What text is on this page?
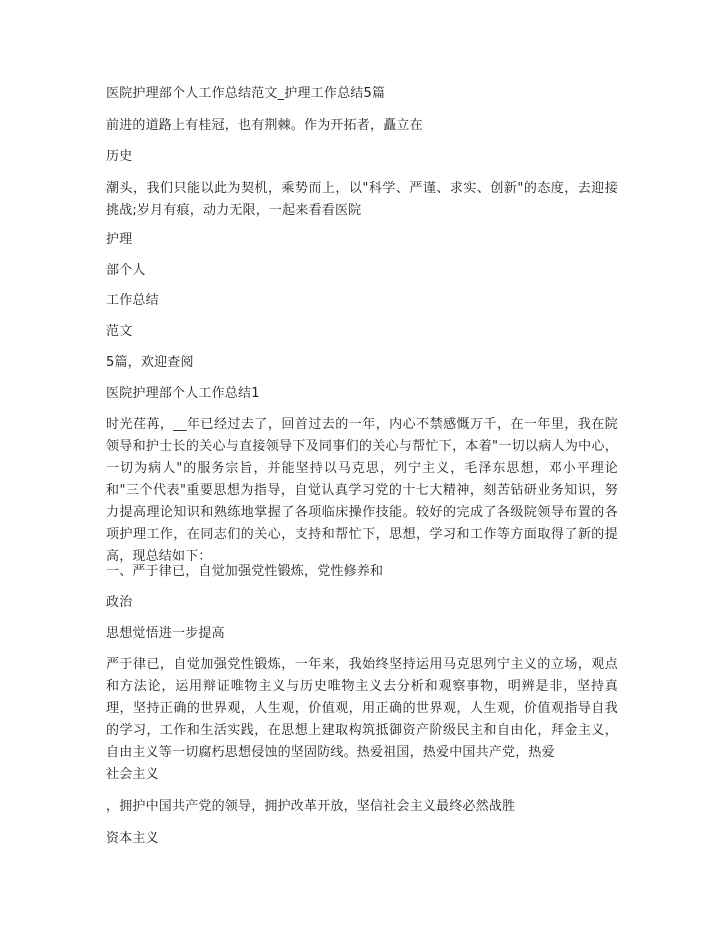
医院护理部个人工作总结范文_护理工作总结5篇
前进的道路上有桂冠，也有荆棘。作为开拓者，矗立在
历史
潮头，我们只能以此为契机，乘势而上，以"科学、严谨、求实、创新"的态度，去迎接挑战;岁月有痕，动力无限，一起来看看医院
护理
部个人
工作总结
范文
5篇，欢迎查阅
医院护理部个人工作总结1
时光荏苒，__年已经过去了，回首过去的一年，内心不禁感慨万千，在一年里，我在院领导和护士长的关心与直接领导下及同事们的关心与帮忙下，本着"一切以病人为中心，一切为病人"的服务宗旨，并能坚持以马克思，列宁主义，毛泽东思想，邓小平理论和"三个代表"重要思想为指导，自觉认真学习党的十七大精神，刻苦钻研业务知识，努力提高理论知识和熟练地掌握了各项临床操作技能。较好的完成了各级院领导布置的各项护理工作，在同志们的关心，支持和帮忙下，思想，学习和工作等方面取得了新的提高，现总结如下：
一、严于律已，自觉加强党性锻炼，党性修养和
政治
思想觉悟进一步提高
严于律已，自觉加强党性锻炼，一年来，我始终坚持运用马克思列宁主义的立场，观点和方法论，运用辩证唯物主义与历史唯物主义去分析和观察事物，明辨是非，坚持真理，坚持正确的世界观，人生观，价值观，用正确的世界观，人生观，价值观指导自我的学习，工作和生活实践，在思想上建取构筑抵御资产阶级民主和自由化，拜金主义，自由主义等一切腐朽思想侵蚀的坚固防线。热爱祖国，热爱中国共产党，热爱
社会主义
，拥护中国共产党的领导，拥护改革开放，坚信社会主义最终必然战胜
资本主义
